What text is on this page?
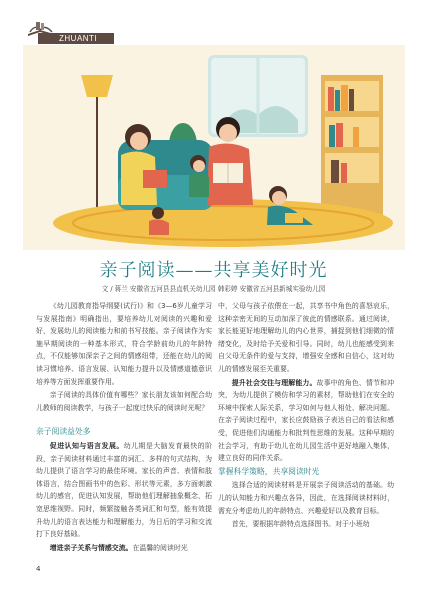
ZHUANTI
亲子阅读——共享美好时光
文 / 蒋兰 安徽省五河县县直机关幼儿园 韩彩婷 安徽省五河县新城实验幼儿园

《幼儿园教育指导纲要(试行)》和《3—6岁儿童学习与发展指南》明确指出，要培养幼儿对阅读的兴趣和爱好，发展幼儿的阅读能力和前书写技能。亲子阅读作为实施早期阅读的一种基本形式，符合学龄前幼儿的年龄特点，不仅能够加深亲子之间的情感纽带，还能在幼儿的阅读习惯培养、语言发展、认知能力提升以及情感道德意识培养等方面发挥重要作用。

亲子阅读的具体价值有哪些？家长朋友该如何配合幼儿教师的阅读教学，与孩子一起度过快乐的阅读时光呢？

亲子阅读益处多

促进认知与语言发展。幼儿期是大脑发育最快的阶段，亲子阅读材料通过丰富的词汇、多样的句式结构，为幼儿提供了语言学习的最佳环境。家长的声音、表情和肢体语言，结合图画书中的色彩、形状等元素，多方面刺激幼儿的感官，促进认知发展，帮助他们理解抽象概念，拓宽思维视野。同时，频繁接触各类词汇和句型，能有效提升幼儿的语言表达能力和理解能力，为日后的学习和交流打下良好基础。

增进亲子关系与情感交流。在温馨的阅读时光

中，父母与孩子依偎在一起，共享书中角色的喜怒哀乐，这种亲密无间的互动加深了彼此的情感联系。通过阅读，家长能更好地理解幼儿的内心世界，捕捉到他们细微的情绪变化，及时给予关爱和引导。同时，幼儿也能感受到来自父母无条件的爱与支持，增强安全感和自信心，这对幼儿的情感发展至关重要。

提升社会交往与理解能力。故事中的角色、情节和冲突，为幼儿提供了模仿和学习的素材，帮助他们在安全的环境中探索人际关系，学习如何与他人相处、解决问题。在亲子阅读过程中，家长应鼓励孩子表达自己的看法和感受，促进他们沟通能力和批判性思维的发展。这种早期的社会学习，有助于幼儿在幼儿园生活中更好地融入集体，建立良好的同伴关系。

掌握科学策略，共享阅读时光

选择合适的阅读材料是开展亲子阅读活动的基础。幼儿的认知能力和兴趣点各异，因此，在选择阅读材料时，需充分考虑幼儿的年龄特点、兴趣爱好以及教育目标。

首先，要根据年龄特点选择图书。对于小班幼

4
